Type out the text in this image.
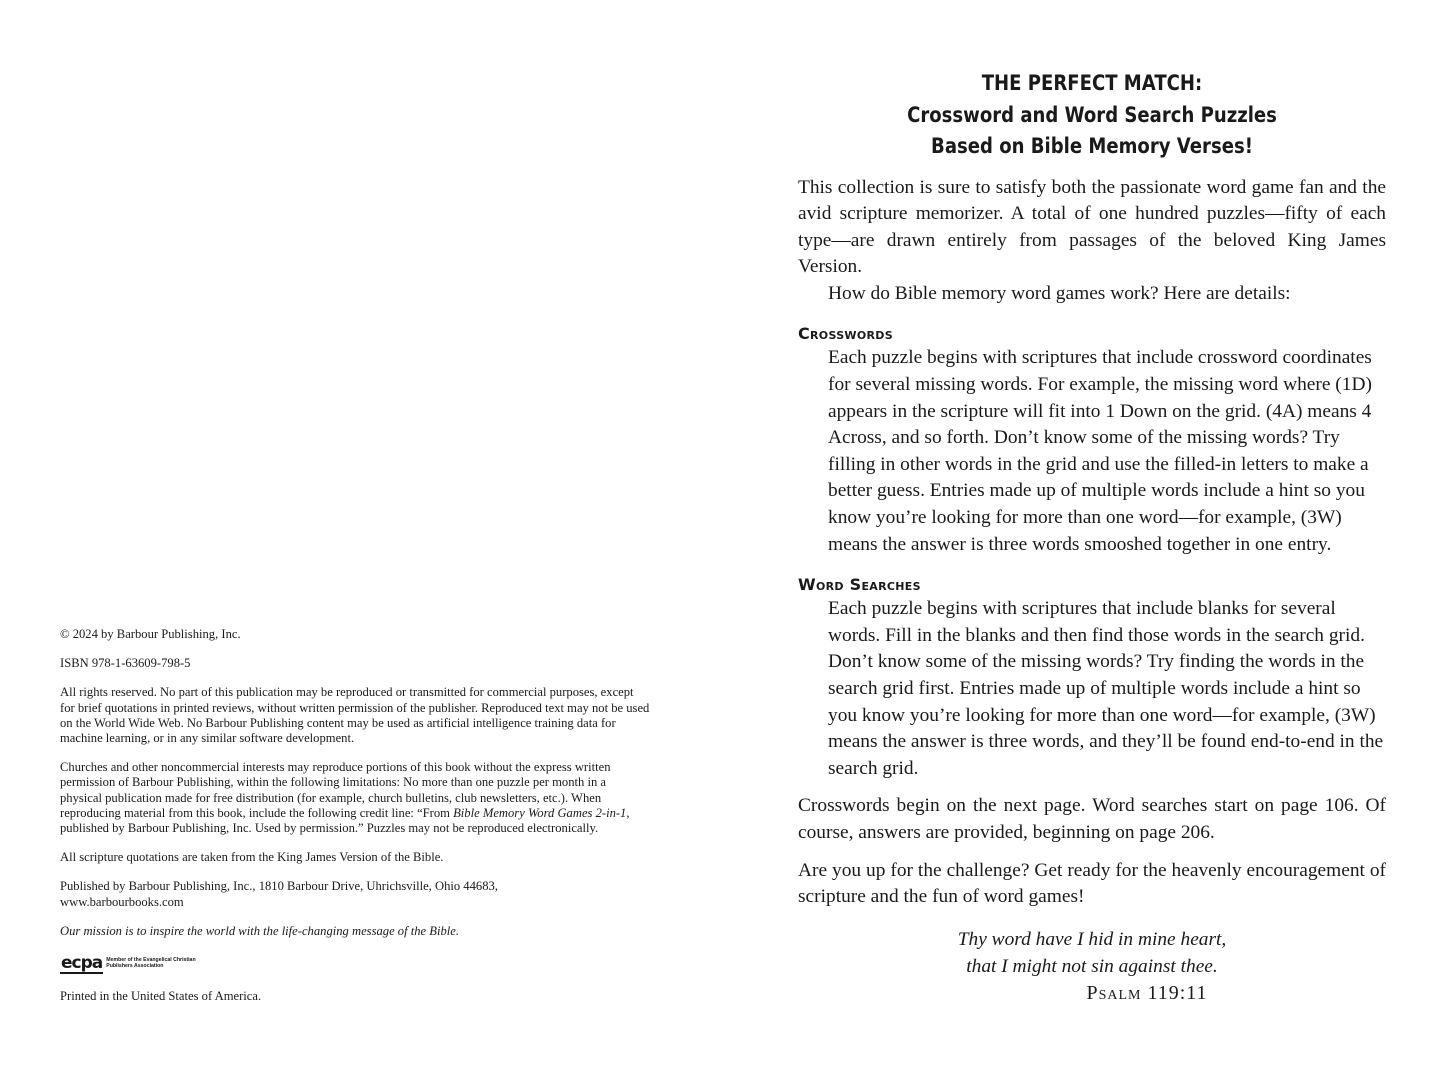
© 2024 by Barbour Publishing, Inc.

ISBN 978-1-63609-798-5

All rights reserved. No part of this publication may be reproduced or transmitted for commercial purposes, except for brief quotations in printed reviews, without written permission of the publisher. Reproduced text may not be used on the World Wide Web. No Barbour Publishing content may be used as artificial intelligence training data for machine learning, or in any similar software development.

Churches and other noncommercial interests may reproduce portions of this book without the express written permission of Barbour Publishing, within the following limitations: No more than one puzzle per month in a physical publication made for free distribution (for example, church bulletins, club newsletters, etc.). When reproducing material from this book, include the following credit line: “From Bible Memory Word Games 2-in-1, published by Barbour Publishing, Inc. Used by permission.” Puzzles may not be reproduced electronically.

All scripture quotations are taken from the King James Version of the Bible.

Published by Barbour Publishing, Inc., 1810 Barbour Drive, Uhrichsville, Ohio 44683,
www.barbourbooks.com

Our mission is to inspire the world with the life-changing message of the Bible.

ecpa Member of the Evangelical Christian Publishers Association

Printed in the United States of America.

THE PERFECT MATCH:
Crossword and Word Search Puzzles
Based on Bible Memory Verses!

This collection is sure to satisfy both the passionate word game fan and the avid scripture memorizer. A total of one hundred puzzles—fifty of each type—are drawn entirely from passages of the beloved King James Version.

How do Bible memory word games work? Here are details:

Crosswords

Each puzzle begins with scriptures that include crossword coordinates for several missing words. For example, the missing word where (1D) appears in the scripture will fit into 1 Down on the grid. (4A) means 4 Across, and so forth. Don’t know some of the missing words? Try filling in other words in the grid and use the filled-in letters to make a better guess. Entries made up of multiple words include a hint so you know you’re looking for more than one word—for example, (3W) means the answer is three words smooshed together in one entry.

Word Searches

Each puzzle begins with scriptures that include blanks for several words. Fill in the blanks and then find those words in the search grid. Don’t know some of the missing words? Try finding the words in the search grid first. Entries made up of multiple words include a hint so you know you’re looking for more than one word—for example, (3W) means the answer is three words, and they’ll be found end-to-end in the search grid.

Crosswords begin on the next page. Word searches start on page 106. Of course, answers are provided, beginning on page 206.

Are you up for the challenge? Get ready for the heavenly encouragement of scripture and the fun of word games!

Thy word have I hid in mine heart,
that I might not sin against thee.
Psalm 119:11
